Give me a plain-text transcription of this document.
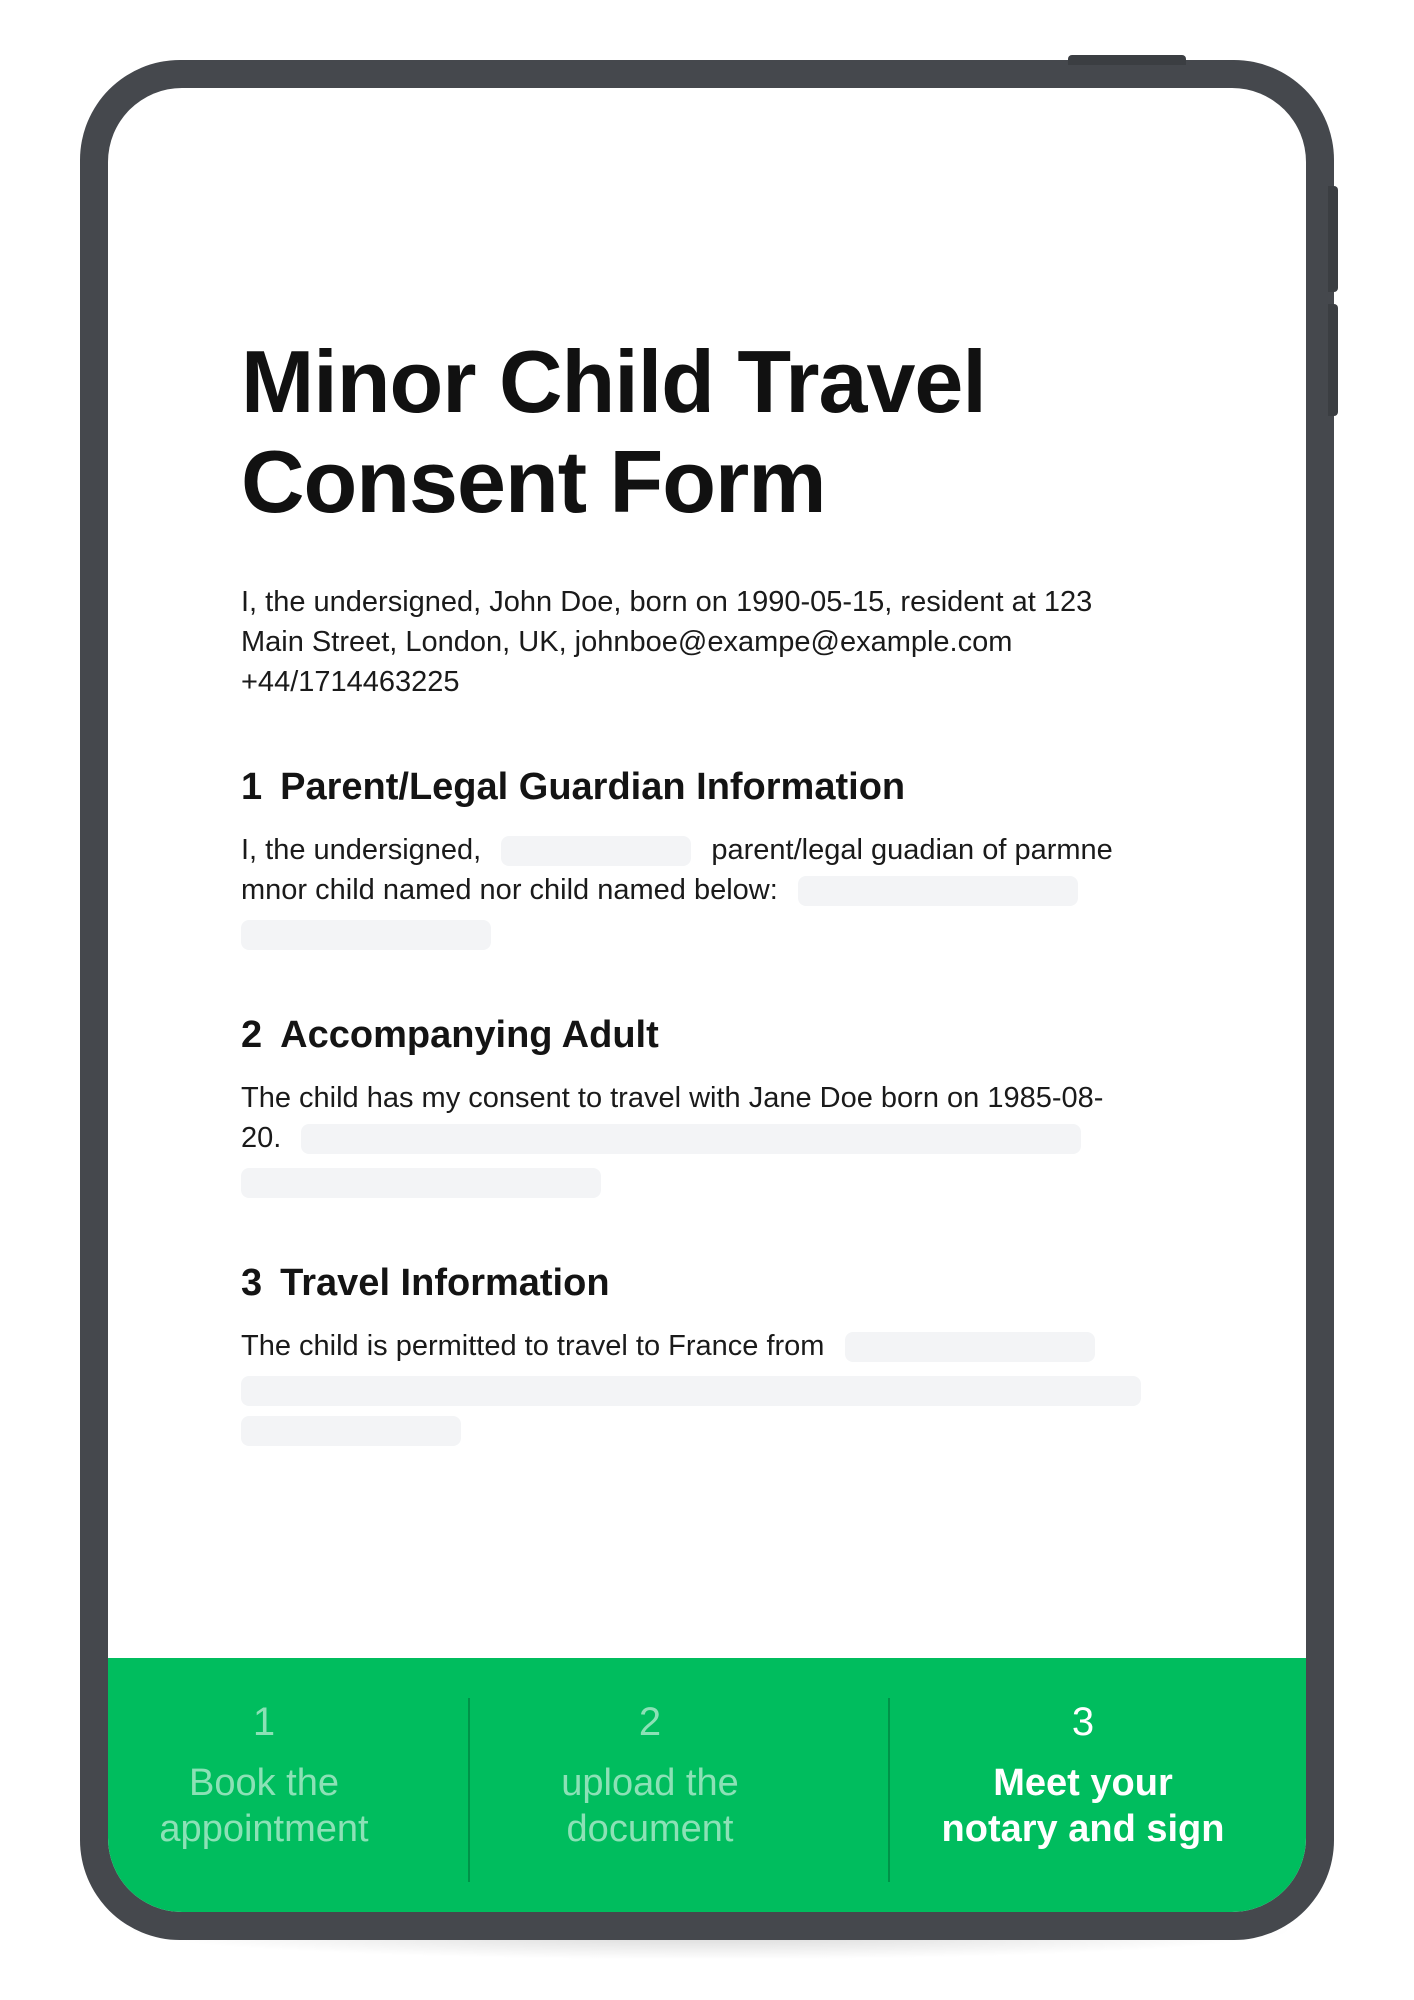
Minor Child Travel
Consent Form
I, the undersigned, John Doe, born on 1990-05-15, resident at 123 Main Street, London, UK, johnboe@exampe@example.com +44/1714463225
1 Parent/Legal Guardian Information
I, the undersigned,	parent/legal guadian of parmne mnor child named nor child named below:
2 Accompanying Adult
The child has my consent to travel with Jane Doe born on 1985-08-20.
3 Travel Information
The child is permitted to travel to France from
1
Book the
appointment
2
upload the
document
3
Meet your
notary and sign
